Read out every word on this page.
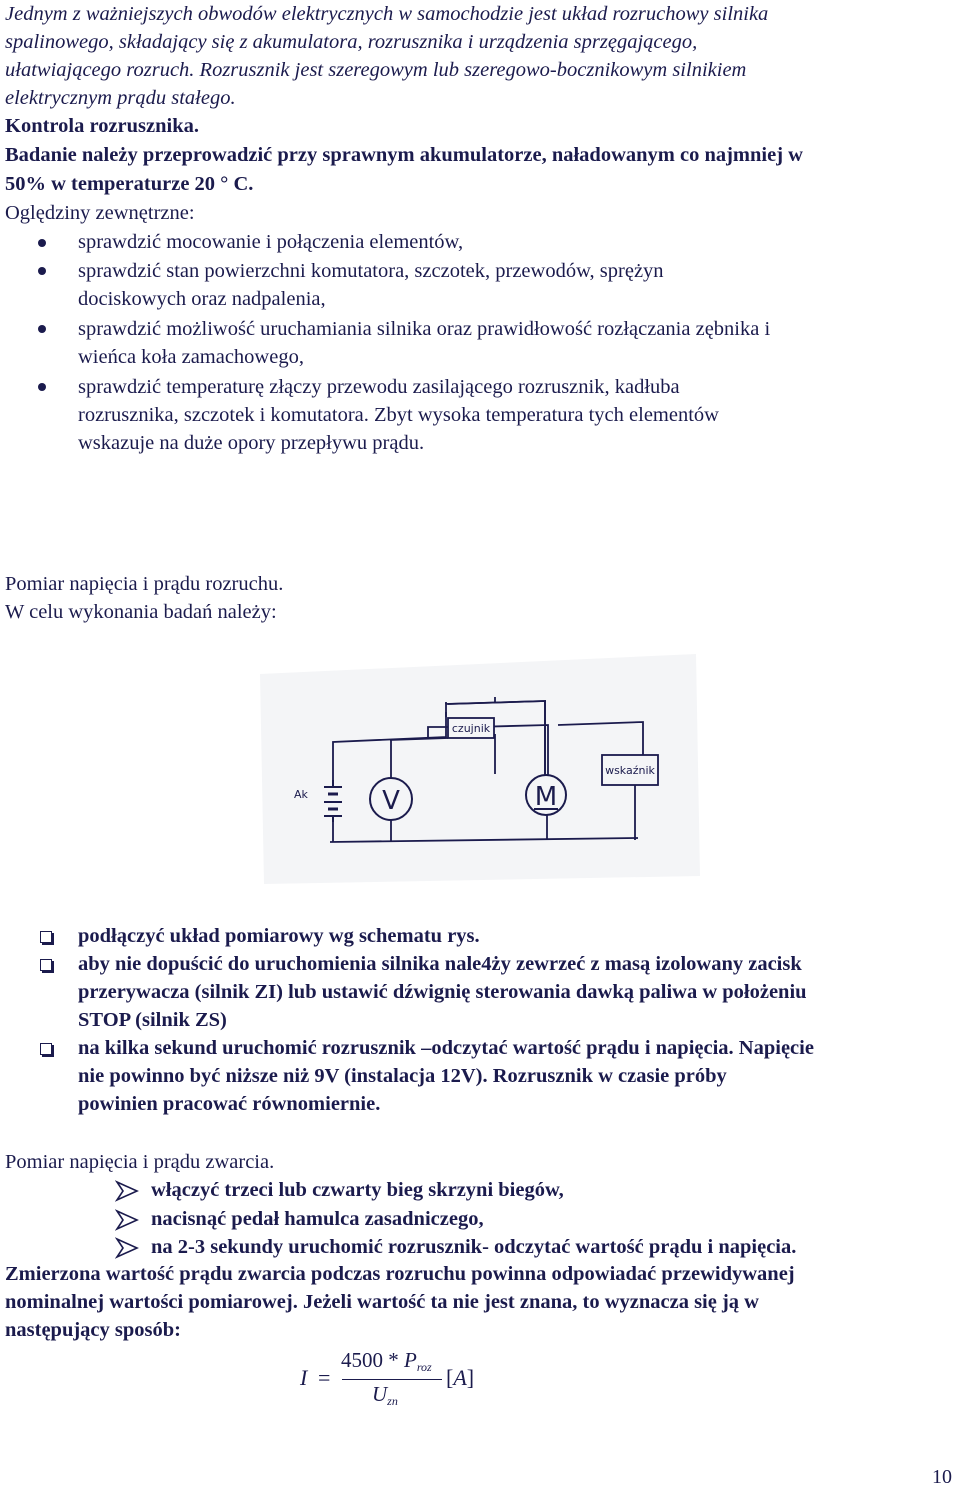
Jednym z ważniejszych obwodów elektrycznych w samochodzie jest układ rozruchowy silnika

spalinowego, składający się z akumulatora, rozrusznika i urządzenia sprzęgającego,

ułatwiającego rozruch. Rozrusznik jest szeregowym lub szeregowo-bocznikowym silnikiem

elektrycznym prądu stałego.

Kontrola rozrusznika.

Badanie należy przeprowadzić przy sprawnym akumulatorze, naładowanym co najmniej w

50% w temperaturze 20 ° C.

Oględziny zewnętrzne:

sprawdzić mocowanie i połączenia elementów,

sprawdzić stan powierzchni komutatora, szczotek, przewodów, sprężyn

dociskowych oraz nadpalenia,

sprawdzić możliwość uruchamiania silnika oraz prawidłowość rozłączania zębnika i

wieńca koła zamachowego,

sprawdzić temperaturę złączy przewodu zasilającego rozrusznik, kadłuba

rozrusznika, szczotek i komutatora. Zbyt wysoka temperatura tych elementów

wskazuje na duże opory przepływu prądu.

Pomiar napięcia i prądu rozruchu.

W celu wykonania badań należy:

czujnik
Ak	V	M
wskaźnik

podłączyć układ pomiarowy wg schematu rys.

aby nie dopuścić do uruchomienia silnika nale4ży zewrzeć z masą izolowany zacisk

przerywacza (silnik ZI) lub ustawić dźwignię sterowania dawką paliwa w położeniu

STOP (silnik ZS)

na kilka sekund uruchomić rozrusznik –odczytać wartość prądu i napięcia. Napięcie

nie powinno być niższe niż 9V (instalacja 12V). Rozrusznik w czasie próby

powinien pracować równomiernie.

Pomiar napięcia i prądu zwarcia.

włączyć trzeci lub czwarty bieg skrzyni biegów,

nacisnąć pedał hamulca zasadniczego,

na 2-3 sekundy uruchomić rozrusznik- odczytać wartość prądu i napięcia.

Zmierzona wartość prądu zwarcia podczas rozruchu powinna odpowiadać przewidywanej

nominalnej wartości pomiarowej. Jeżeli wartość ta nie jest znana, to wyznacza się ją w

następujący sposób:

I =
4500 * Proz
Uzn
[A]
10
